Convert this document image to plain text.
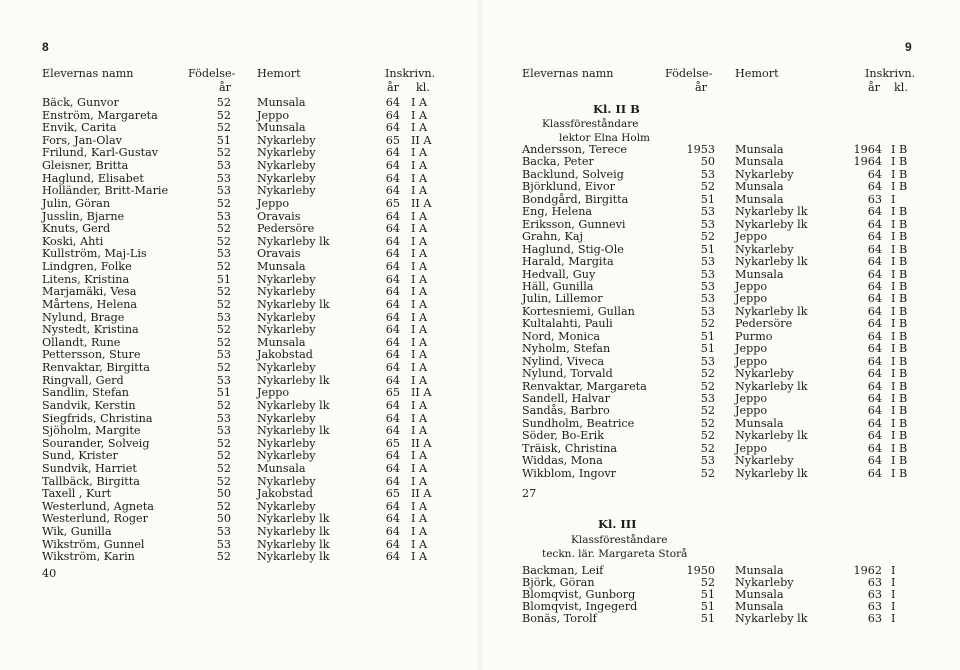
8
Elevernas namn	Födelse- Hemort	Inskrivn.
år	år kl.
Bäck, Gunvor	52 Munsala	64 I A
Enström, Margareta	52 Jeppo	64 I A
Envik, Carita	52 Munsala	64 I A
Fors, Jan-Olav	51 Nykarleby	65 II A
Frilund, Karl-Gustav	52 Nykarleby	64 I A
Gleisner, Britta	53 Nykarleby	64 I A
Haglund, Elisabet	53 Nykarleby	64 I A
Holländer, Britt-Marie	53 Nykarleby	64 I A
Julin, Göran	52 Jeppo	65 II A
Jusslin, Bjarne	53 Oravais	64 I A
Knuts, Gerd	52 Pedersöre	64 I A
Koski, Ahti	52 Nykarleby lk	64 I A
Kullström, Maj-Lis	53 Oravais	64 I A
Lindgren, Folke	52 Munsala	64 I A
Litens, Kristina	51 Nykarleby	64 I A
Marjamäki, Vesa	52 Nykarleby	64 I A
Mårtens, Helena	52 Nykarleby lk	64 I A
Nylund, Brage	53 Nykarleby	64 I A
Nystedt, Kristina	52 Nykarleby	64 I A
Ollandt, Rune	52 Munsala	64 I A
Pettersson, Sture	53 Jakobstad	64 I A
Renvaktar, Birgitta	52 Nykarleby	64 I A
Ringvall, Gerd	53 Nykarleby lk	64 I A
Sandlin, Stefan	51 Jeppo	65 II A
Sandvik, Kerstin	52 Nykarleby lk	64 I A
Siegfrids, Christina	53 Nykarleby	64 I A
Sjöholm, Margite	53 Nykarleby lk	64 I A
Sourander, Solveig	52 Nykarleby	65 II A
Sund, Krister	52 Nykarleby	64 I A
Sundvik, Harriet	52 Munsala	64 I A
Tallbäck, Birgitta	52 Nykarleby	64 I A
Taxell , Kurt	50 Jakobstad	65 II A
Westerlund, Agneta	52 Nykarleby	64 I A
Westerlund, Roger	50 Nykarleby lk	64 I A
Wik, Gunilla	53 Nykarleby lk	64 I A
Wikström, Gunnel	53 Nykarleby lk	64 I A
Wikström, Karin	52 Nykarleby lk	64 I A
40
9
Elevernas namn	Födelse- Hemort	Inskrivn.
år	år kl.
Kl. II B
Klassföreståndare
lektor Elna Holm
Andersson, Terece	1953 Munsala	1964 I B
Backa, Peter	50 Munsala	1964 I B
Backlund, Solveig	53 Nykarleby	64 I B
Björklund, Eivor	52 Munsala	64 I B
Bondgård, Birgitta	51 Munsala	63 I
Eng, Helena	53 Nykarleby lk	64 I B
Eriksson, Gunnevi	53 Nykarleby lk	64 I B
Grahn, Kaj	52 Jeppo	64 I B
Haglund, Stig-Ole	51 Nykarleby	64 I B
Harald, Margita	53 Nykarleby lk	64 I B
Hedvall, Guy	53 Munsala	64 I B
Häll, Gunilla	53 Jeppo	64 I B
Julin, Lillemor	53 Jeppo	64 I B
Kortesniemi, Gullan	53 Nykarleby lk	64 I B
Kultalahti, Pauli	52 Pedersöre	64 I B
Nord, Monica	51 Purmo	64 I B
Nyholm, Stefan	51 Jeppo	64 I B
Nylind, Viveca	53 Jeppo	64 I B
Nylund, Torvald	52 Nykarleby	64 I B
Renvaktar, Margareta	52 Nykarleby lk	64 I B
Sandell, Halvar	53 Jeppo	64 I B
Sandås, Barbro	52 Jeppo	64 I B
Sundholm, Beatrice	52 Munsala	64 I B
Söder, Bo-Erik	52 Nykarleby lk	64 I B
Träisk, Christina	52 Jeppo	64 I B
Widdas, Mona	53 Nykarleby	64 I B
Wikblom, Ingovr	52 Nykarleby lk	64 I B
27
Kl. III
Klassföreståndare
teckn. lär. Margareta Storå
Backman, Leif	1950 Munsala	1962 I
Björk, Göran	52 Nykarleby	63 I
Blomqvist, Gunborg	51 Munsala	63 I
Blomqvist, Ingegerd	51 Munsala	63 I
Bonäs, Torolf	51 Nykarleby lk	63 I
